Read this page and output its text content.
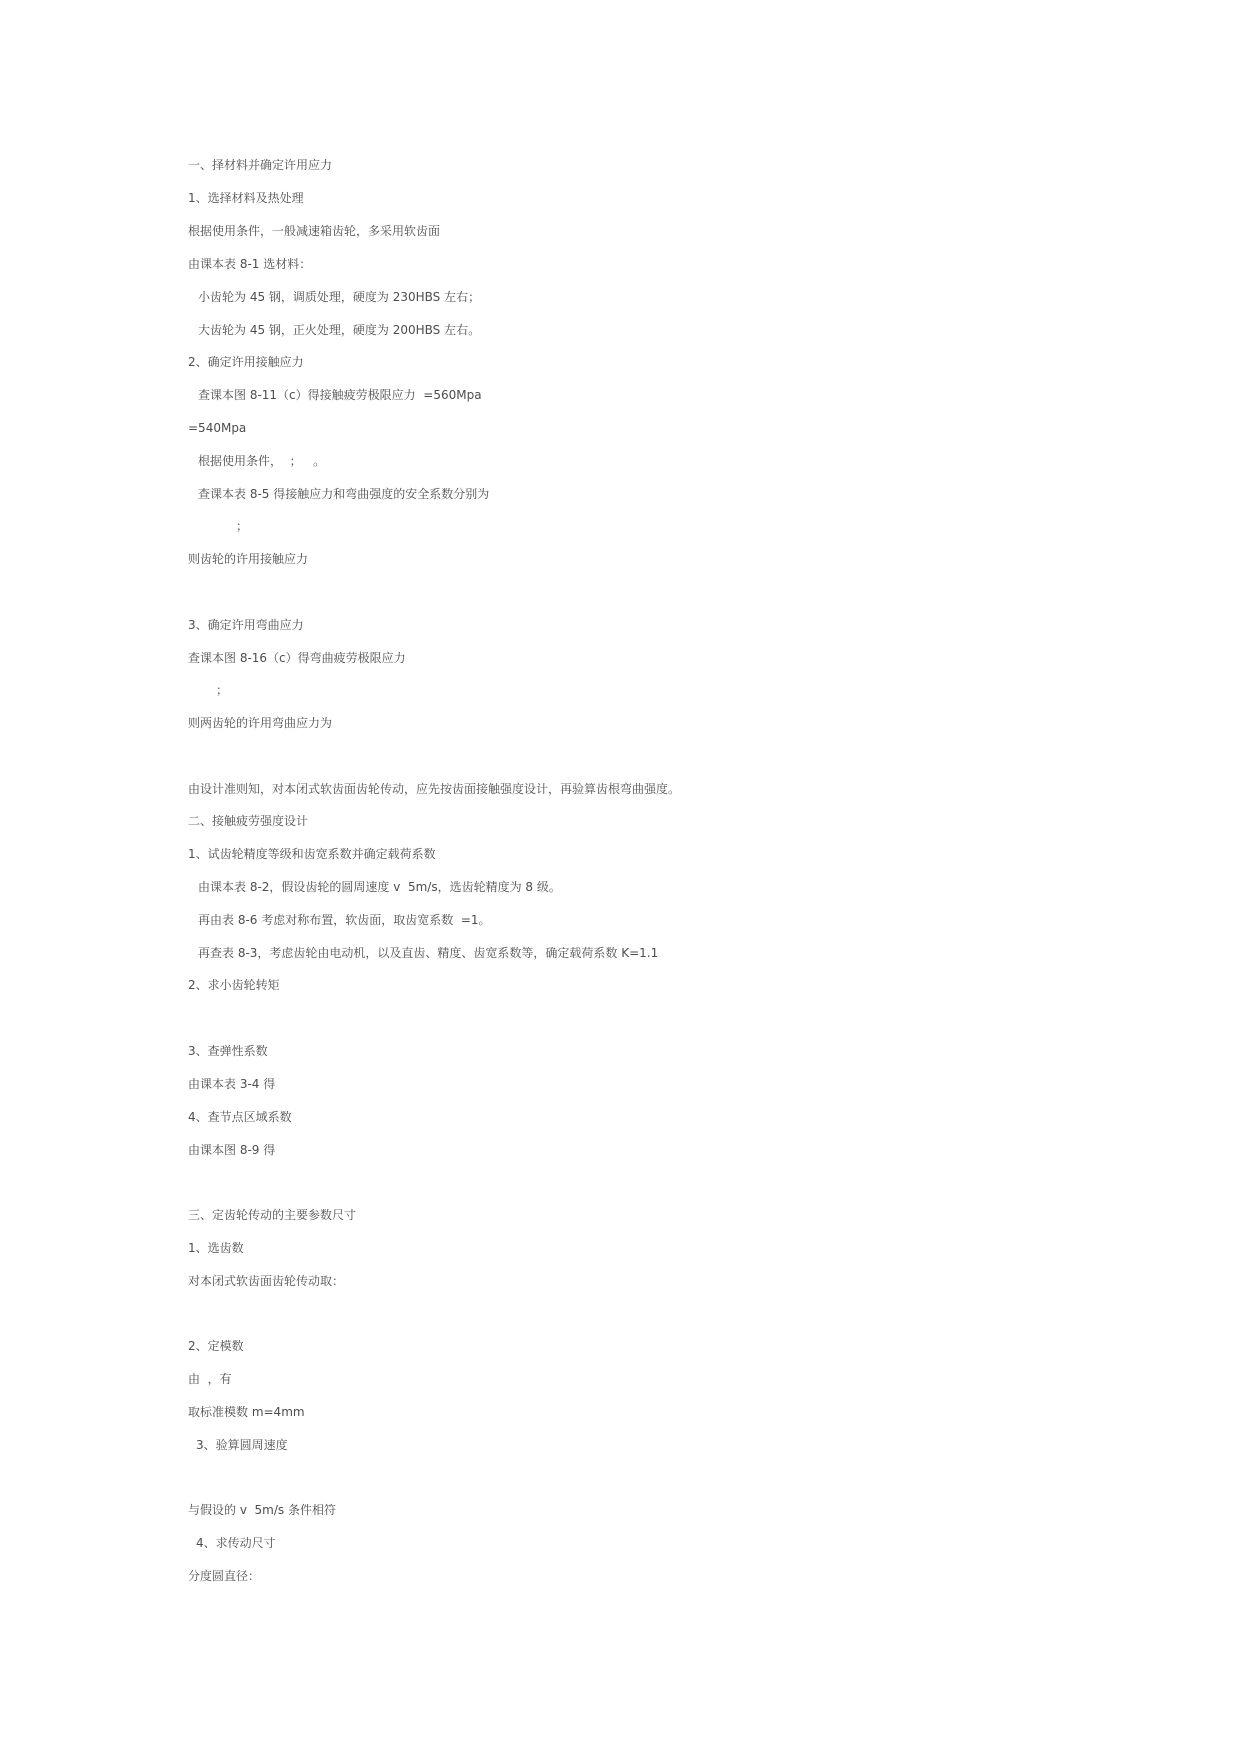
一、择材料并确定许用应力
1、选择材料及热处理
根据使用条件，一般减速箱齿轮，多采用软齿面
由课本表 8-1 选材料：
小齿轮为 45 钢，调质处理，硬度为 230HBS 左右；
大齿轮为 45 钢，正火处理，硬度为 200HBS 左右。
2、确定许用接触应力
查课本图 8-11（c）得接触疲劳极限应力  =560Mpa
=540Mpa
根据使用条件，  ；   。
查课本表 8-5 得接触应力和弯曲强度的安全系数分别为
；
则齿轮的许用接触应力
3、确定许用弯曲应力
查课本图 8-16（c）得弯曲疲劳极限应力
；
则两齿轮的许用弯曲应力为
由设计准则知，对本闭式软齿面齿轮传动，应先按齿面接触强度设计，再验算齿根弯曲强度。
二、接触疲劳强度设计
1、试齿轮精度等级和齿宽系数并确定载荷系数
由课本表 8-2，假设齿轮的圆周速度 v  5m/s，选齿轮精度为 8 级。
再由表 8-6 考虑对称布置，软齿面，取齿宽系数  =1。
再查表 8-3，考虑齿轮由电动机，以及直齿、精度、齿宽系数等，确定载荷系数 K=1.1
2、求小齿轮转矩
3、查弹性系数
由课本表 3-4 得
4、查节点区域系数
由课本图 8-9 得
三、定齿轮传动的主要参数尺寸
1、选齿数
对本闭式软齿面齿轮传动取：
2、定模数
由  ，有
取标准模数 m=4mm
3、验算圆周速度
与假设的 v  5m/s 条件相符
4、求传动尺寸
分度圆直径：
